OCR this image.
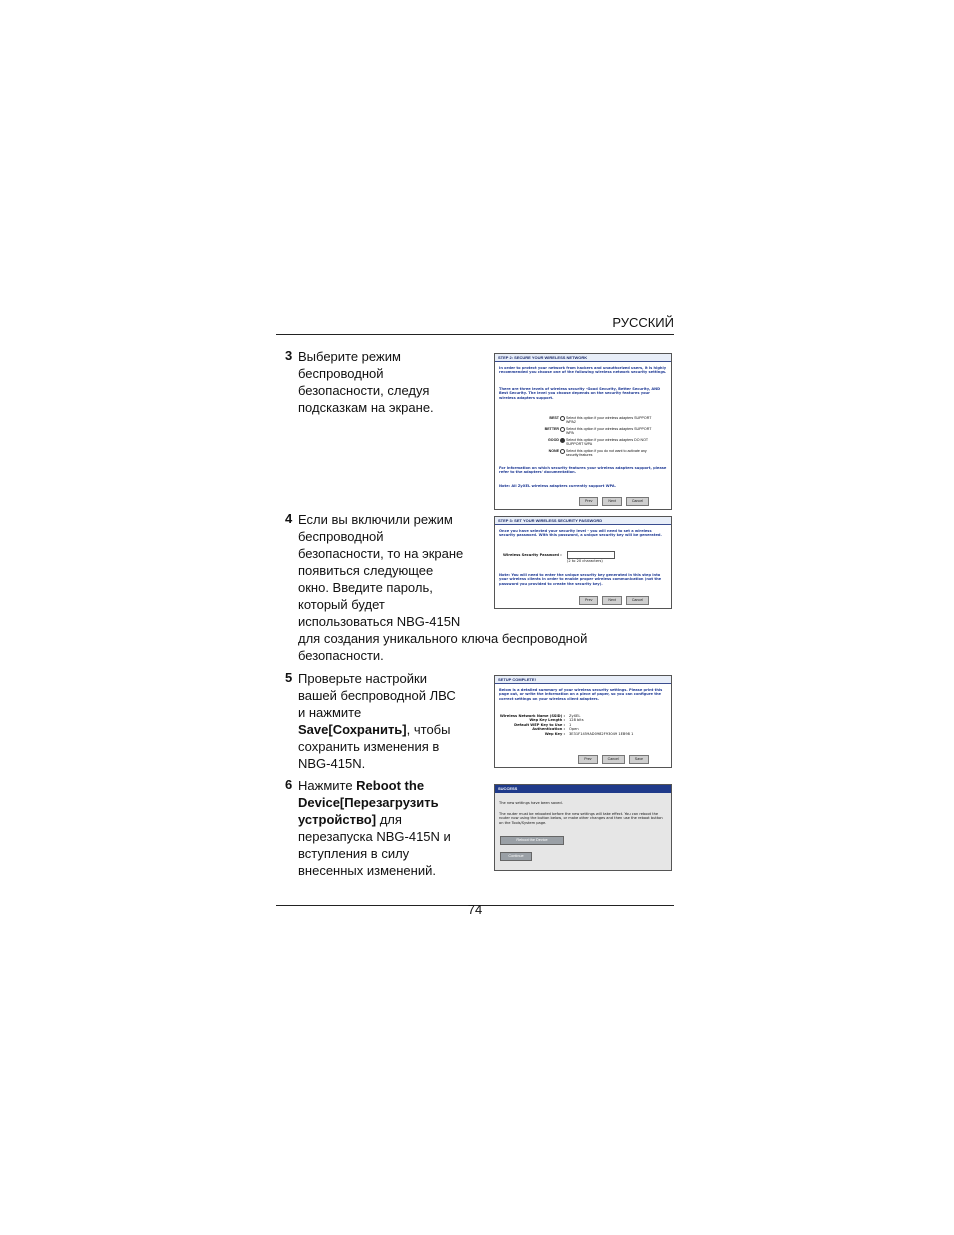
РУССКИЙ
3 Выберите режим
беспроводной
безопасности, следуя
подсказкам на экране.
STEP 2: SECURE YOUR WIRELESS NETWORK
In order to protect your network from hackers and unauthorized users, it is highly recommended you choose one of the following wireless network security settings.
There are three levels of wireless security -Good Security, Better Security, AND Best Security. The level you choose depends on the security features your wireless adapters support.
BEST Select this option if your wireless adapters SUPPORT WPA2
BETTER Select this option if your wireless adapters SUPPORT WPA
GOOD Select this option if your wireless adapters DO NOT SUPPORT WPA
NONE Select this option if you do not want to activate any security features
For information on which security features your wireless adapters support, please refer to the adapters' documentation.
Note: All ZyXEL wireless adapters currently support WPA.
Prev	Next	Cancel
4 Если вы включили режим
беспроводной
безопасности, то на экране
появиться следующее
окно. Введите пароль,
который будет
использоваться NBG-415N
для создания уникального ключа беспроводной
безопасности.
STEP 3: SET YOUR WIRELESS SECURITY PASSWORD
Once you have selected your security level - you will need to set a wireless security password. With this password, a unique security key will be generated.
Wireless Security Password :
(2 to 20 characters)
Note: You will need to enter the unique security key generated in this step into your wireless clients in order to enable proper wireless communication (not the password you provided to create the security key).
Prev	Next	Cancel
5 Проверьте настройки
вашей беспроводной ЛВС
и нажмите
Save[Сохранить], чтобы
сохранить изменения в
NBG-415N.
SETUP COMPLETE!
Below is a detailed summary of your wireless security settings. Please print this page out, or write the information on a piece of paper, so you can configure the correct settings on your wireless client adapters.
Wireless Network Name (SSID) :	ZyXEL
Wep Key Length :	128 bits
Default WEP Key to Use :	1
Authentication :	Open
Wep Key :	3E31F1459AD0982F93049 1EB98 1
Prev	Cancel	Save
6 Нажмите Reboot the
Device[Перезагрузить
устройство] для
перезапуска NBG-415N и
вступления в силу
внесенных изменений.
SUCCESS
The new settings have been saved.
The router must be rebooted before the new settings will take effect. You can reboot the router now using the button below, or make other changes and then use the reboot button on the Tools/System page.
Reboot the Device
Continue
74
